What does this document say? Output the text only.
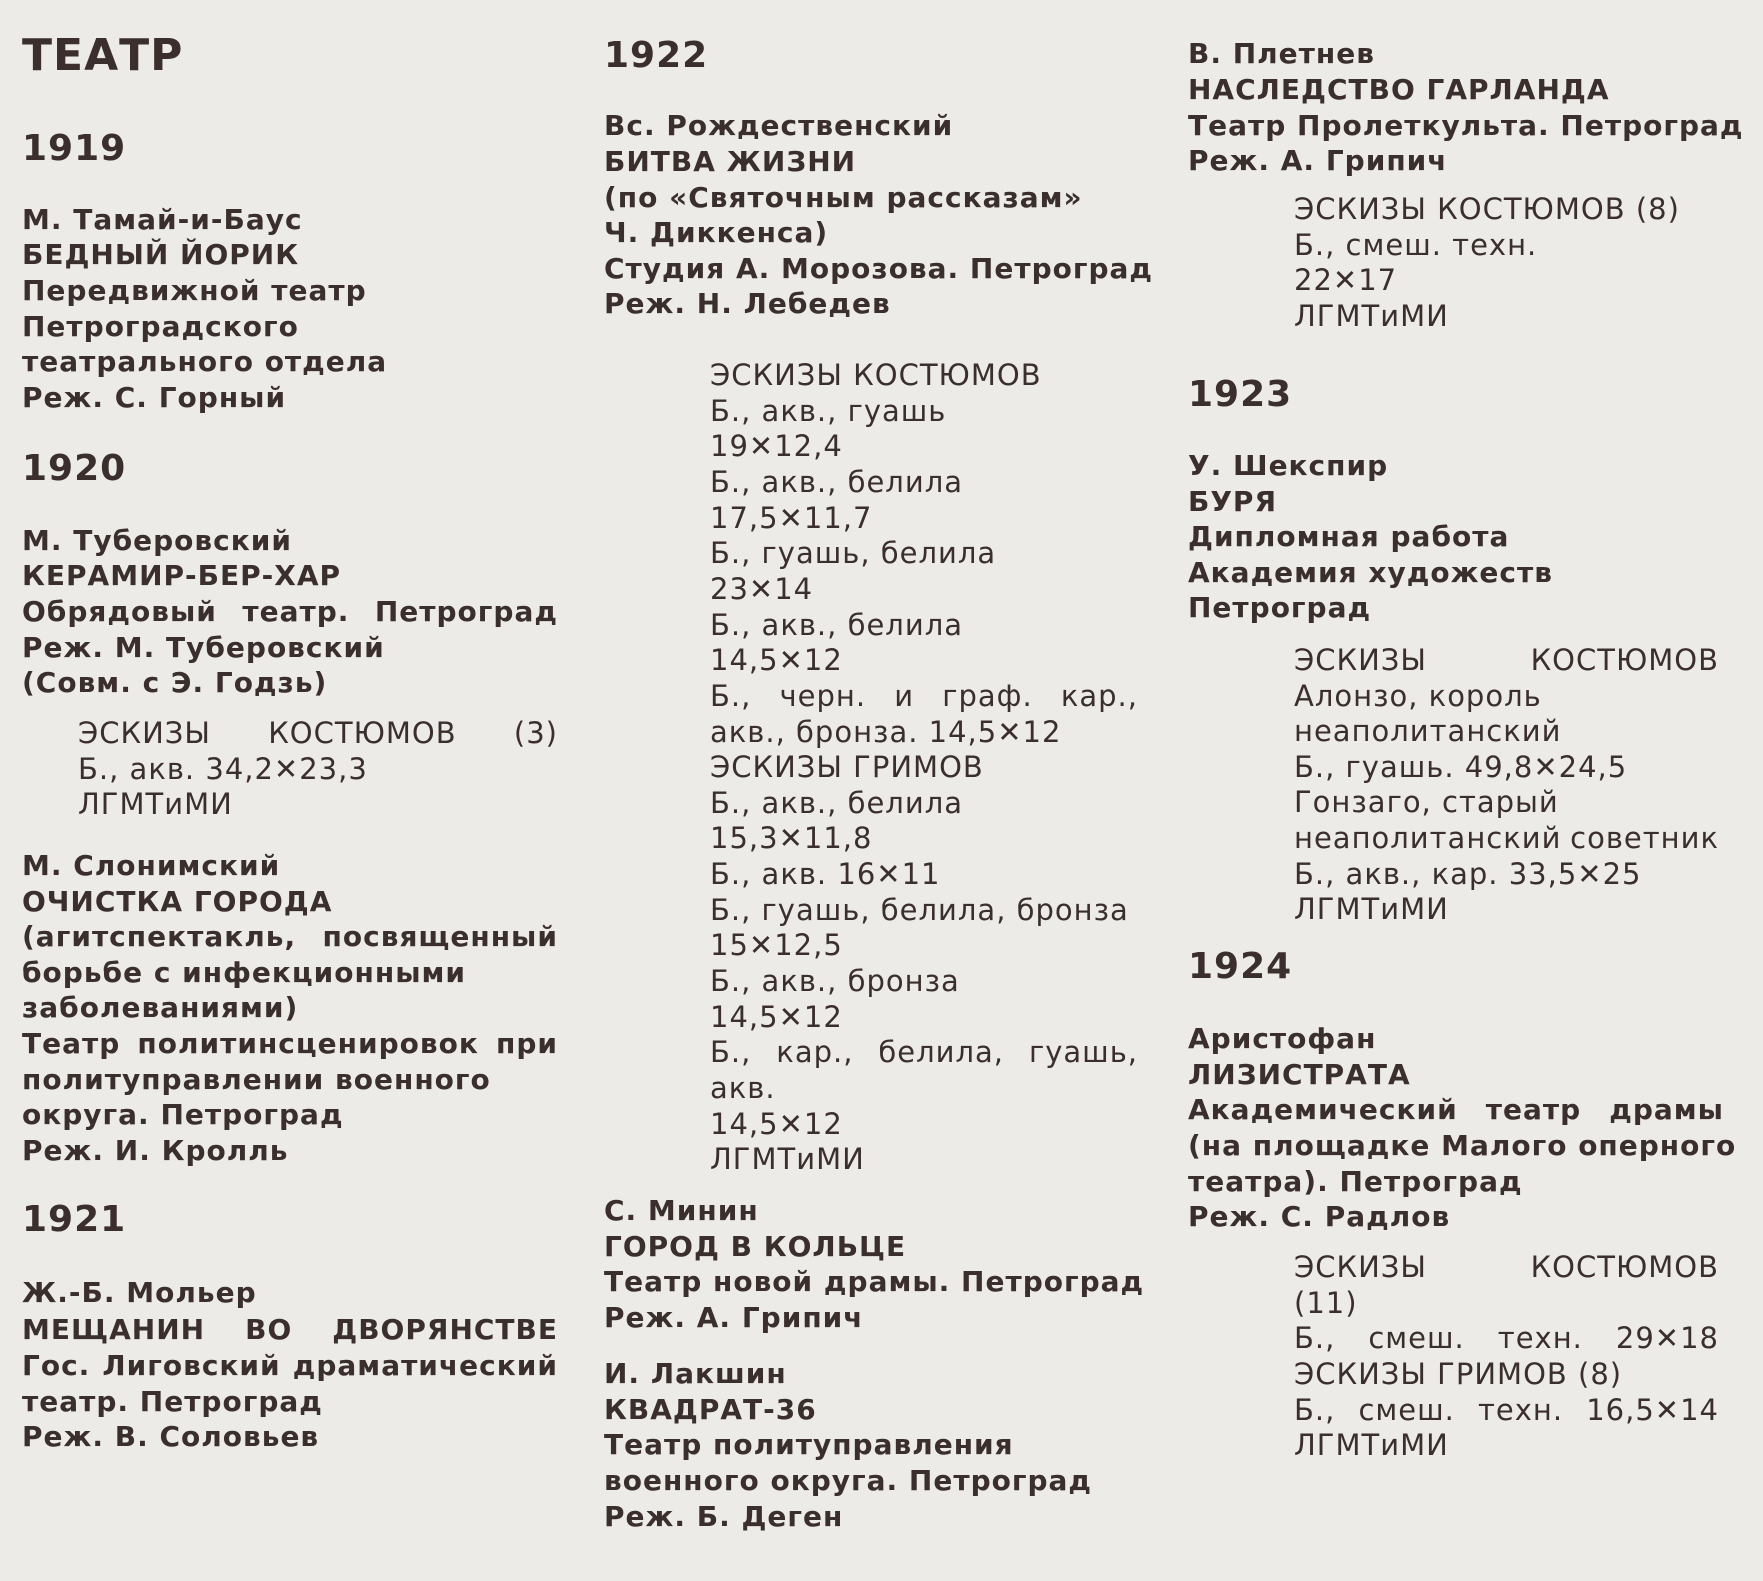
ТЕАТР

1919

М. Тамай-и-Баус

БЕДНЫЙ ЙОРИК

Передвижной театр

Петроградского

театрального отдела

Реж. С. Горный

1920

М. Туберовский

КЕРАМИР-БЕР-ХАР

Обрядовый театр. Петроград

Реж. М. Туберовский

(Совм. с Э. Годзь)

ЭСКИЗЫ КОСТЮМОВ (3)

Б., акв. 34,2✕23,3

ЛГМТиМИ

М. Слонимский

ОЧИСТКА ГОРОДА

(агитспектакль, посвященный

борьбе с инфекционными

заболеваниями)

Театр политинсценировок при

политуправлении военного

округа. Петроград

Реж. И. Кролль

1921

Ж.-Б. Мольер

МЕЩАНИН ВО ДВОРЯНСТВЕ
Гос. Лиговский драматический

театр. Петроград

Реж. В. Соловьев

1922

Вс. Рождественский

БИТВА ЖИЗНИ

(по «Святочным рассказам»

Ч. Диккенса)

Студия А. Морозова. Петроград

Реж. Н. Лебедев

ЭСКИЗЫ КОСТЮМОВ

Б., акв., гуашь

19✕12,4

Б., акв., белила

17,5✕11,7

Б., гуашь, белила

23✕14

Б., акв., белила

14,5✕12

Б., черн. и граф. кар.,

акв., бронза. 14,5✕12

ЭСКИЗЫ ГРИМОВ

Б., акв., белила

15,3✕11,8

Б., акв. 16✕11

Б., гуашь, белила, бронза

15✕12,5

Б., акв., бронза

14,5✕12

Б., кар., белила, гуашь,

акв.

14,5✕12

ЛГМТиМИ

С. Минин

ГОРОД В КОЛЬЦЕ

Театр новой драмы. Петроград

Реж. А. Грипич

И. Лакшин

КВАДРАТ-36

Театр политуправления

военного округа. Петроград

Реж. Б. Деген

В. Плетнев

НАСЛЕДСТВО ГАРЛАНДА

Театр Пролеткульта. Петроград

Реж. А. Грипич

ЭСКИЗЫ КОСТЮМОВ (8)

Б., смеш. техн.

22✕17

ЛГМТиМИ

1923

У. Шекспир

БУРЯ

Дипломная работа

Академия художеств

Петроград

ЭСКИЗЫ	КОСТЮМОВ

Алонзо, король

неаполитанский

Б., гуашь. 49,8✕24,5

Гонзаго, старый

неаполитанский советник

Б., акв., кар. 33,5✕25

ЛГМТиМИ

1924

Аристофан

ЛИЗИСТРАТА

Академический театр драмы

(на площадке Малого оперного

театра). Петроград

Реж. С. Радлов

ЭСКИЗЫ	КОСТЮМОВ

(11)

Б., смеш. техн. 29✕18

ЭСКИЗЫ ГРИМОВ (8)

Б., смеш. техн. 16,5✕14

ЛГМТиМИ
